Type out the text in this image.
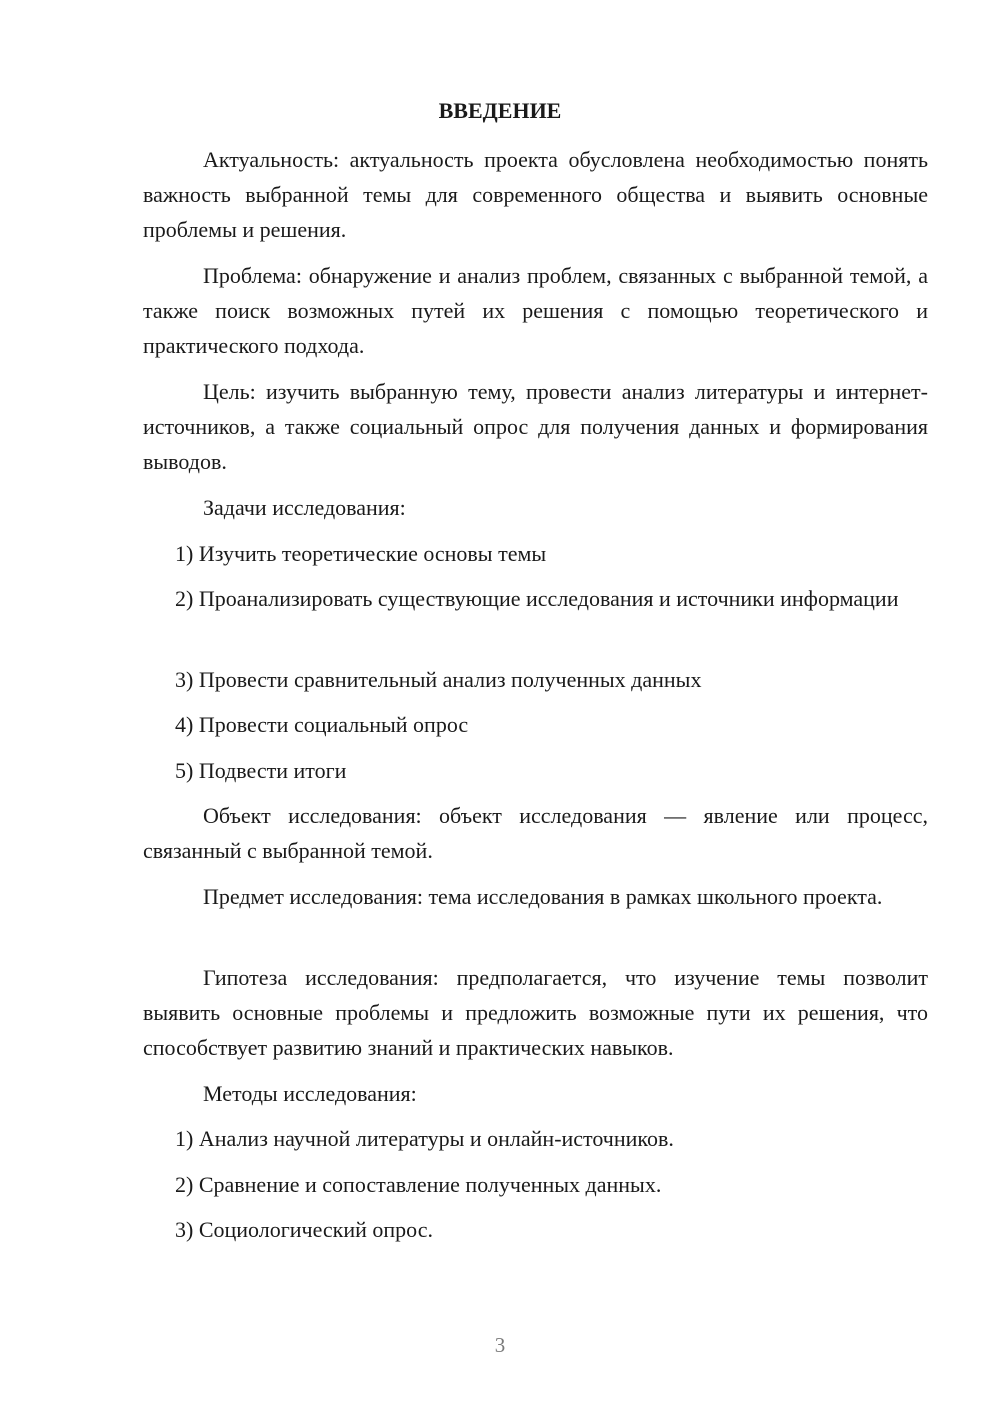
ВВЕДЕНИЕ

Актуальность: актуальность проекта обусловлена необходимостью понять важность выбранной темы для современного общества и выявить основные проблемы и решения.

Проблема: обнаружение и анализ проблем, связанных с выбранной темой, а также поиск возможных путей их решения с помощью теоретического и практического подхода.

Цель: изучить выбранную тему, провести анализ литературы и интернет-источников, а также социальный опрос для получения данных и формирования выводов.

Задачи исследования:

1) Изучить теоретические основы темы

2) Проанализировать существующие исследования и источники информации

3) Провести сравнительный анализ полученных данных

4) Провести социальный опрос

5) Подвести итоги

Объект исследования: объект исследования — явление или процесс, связанный с выбранной темой.

Предмет исследования: тема исследования в рамках школьного проекта.

Гипотеза исследования: предполагается, что изучение темы позволит выявить основные проблемы и предложить возможные пути их решения, что способствует развитию знаний и практических навыков.

Методы исследования:

1) Анализ научной литературы и онлайн-источников.

2) Сравнение и сопоставление полученных данных.

3) Социологический опрос.

3
